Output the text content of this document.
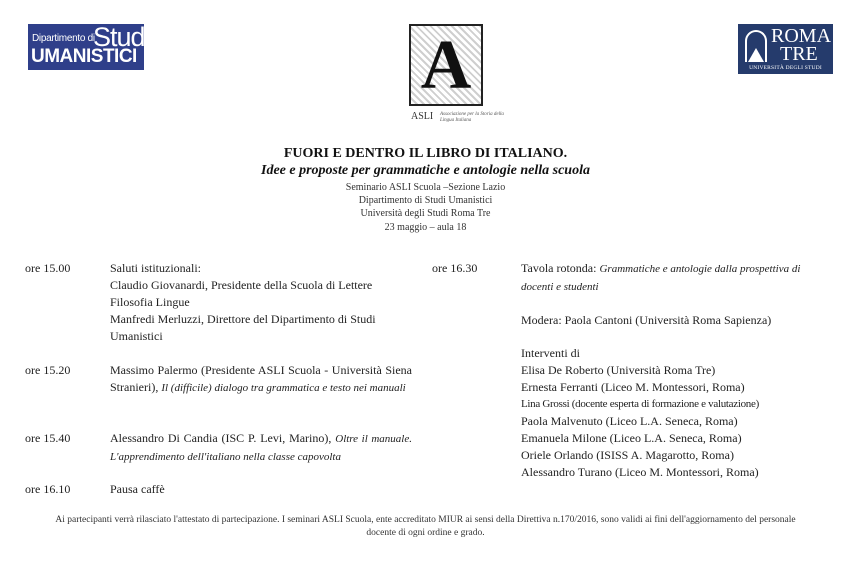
Dipartimento di
Studi
UMANISTICI	A
ASLI Associazione per la Storia della Lingua Italiana
ROMA
TRE
UNIVERSITÀ DEGLI STUDI
FUORI E DENTRO IL LIBRO DI ITALIANO.
Idee e proposte per grammatiche e antologie nella scuola
Seminario ASLI Scuola –Sezione Lazio
Dipartimento di Studi Umanistici
Università degli Studi Roma Tre
23 maggio – aula 18
ore 15.00	Saluti istituzionali:
Claudio Giovanardi, Presidente della Scuola di Lettere Filosofia Lingue
Manfredi Merluzzi, Direttore del Dipartimento di Studi Umanistici
ore 15.20	Massimo Palermo (Presidente ASLI Scuola - Università Siena Stranieri), Il (difficile) dialogo tra grammatica e testo nei manuali
ore 15.40	Alessandro Di Candia (ISC P. Levi, Marino), Oltre il manuale. L'apprendimento dell'italiano nella classe capovolta
ore 16.10	Pausa caffè
ore 16.30	Tavola rotonda: Grammatiche e antologie dalla prospettiva di docenti e studenti
Modera: Paola Cantoni (Università Roma Sapienza)
Interventi di
Elisa De Roberto (Università Roma Tre)
Ernesta Ferranti (Liceo M. Montessori, Roma)
Lina Grossi (docente esperta di formazione e valutazione)
Paola Malvenuto (Liceo L.A. Seneca, Roma)
Emanuela Milone (Liceo L.A. Seneca, Roma)
Oriele Orlando (ISISS A. Magarotto, Roma)
Alessandro Turano (Liceo M. Montessori, Roma)
Ai partecipanti verrà rilasciato l'attestato di partecipazione. I seminari ASLI Scuola, ente accreditato MIUR ai sensi della Direttiva n.170/2016, sono validi ai fini dell'aggiornamento del personale docente di ogni ordine e grado.
